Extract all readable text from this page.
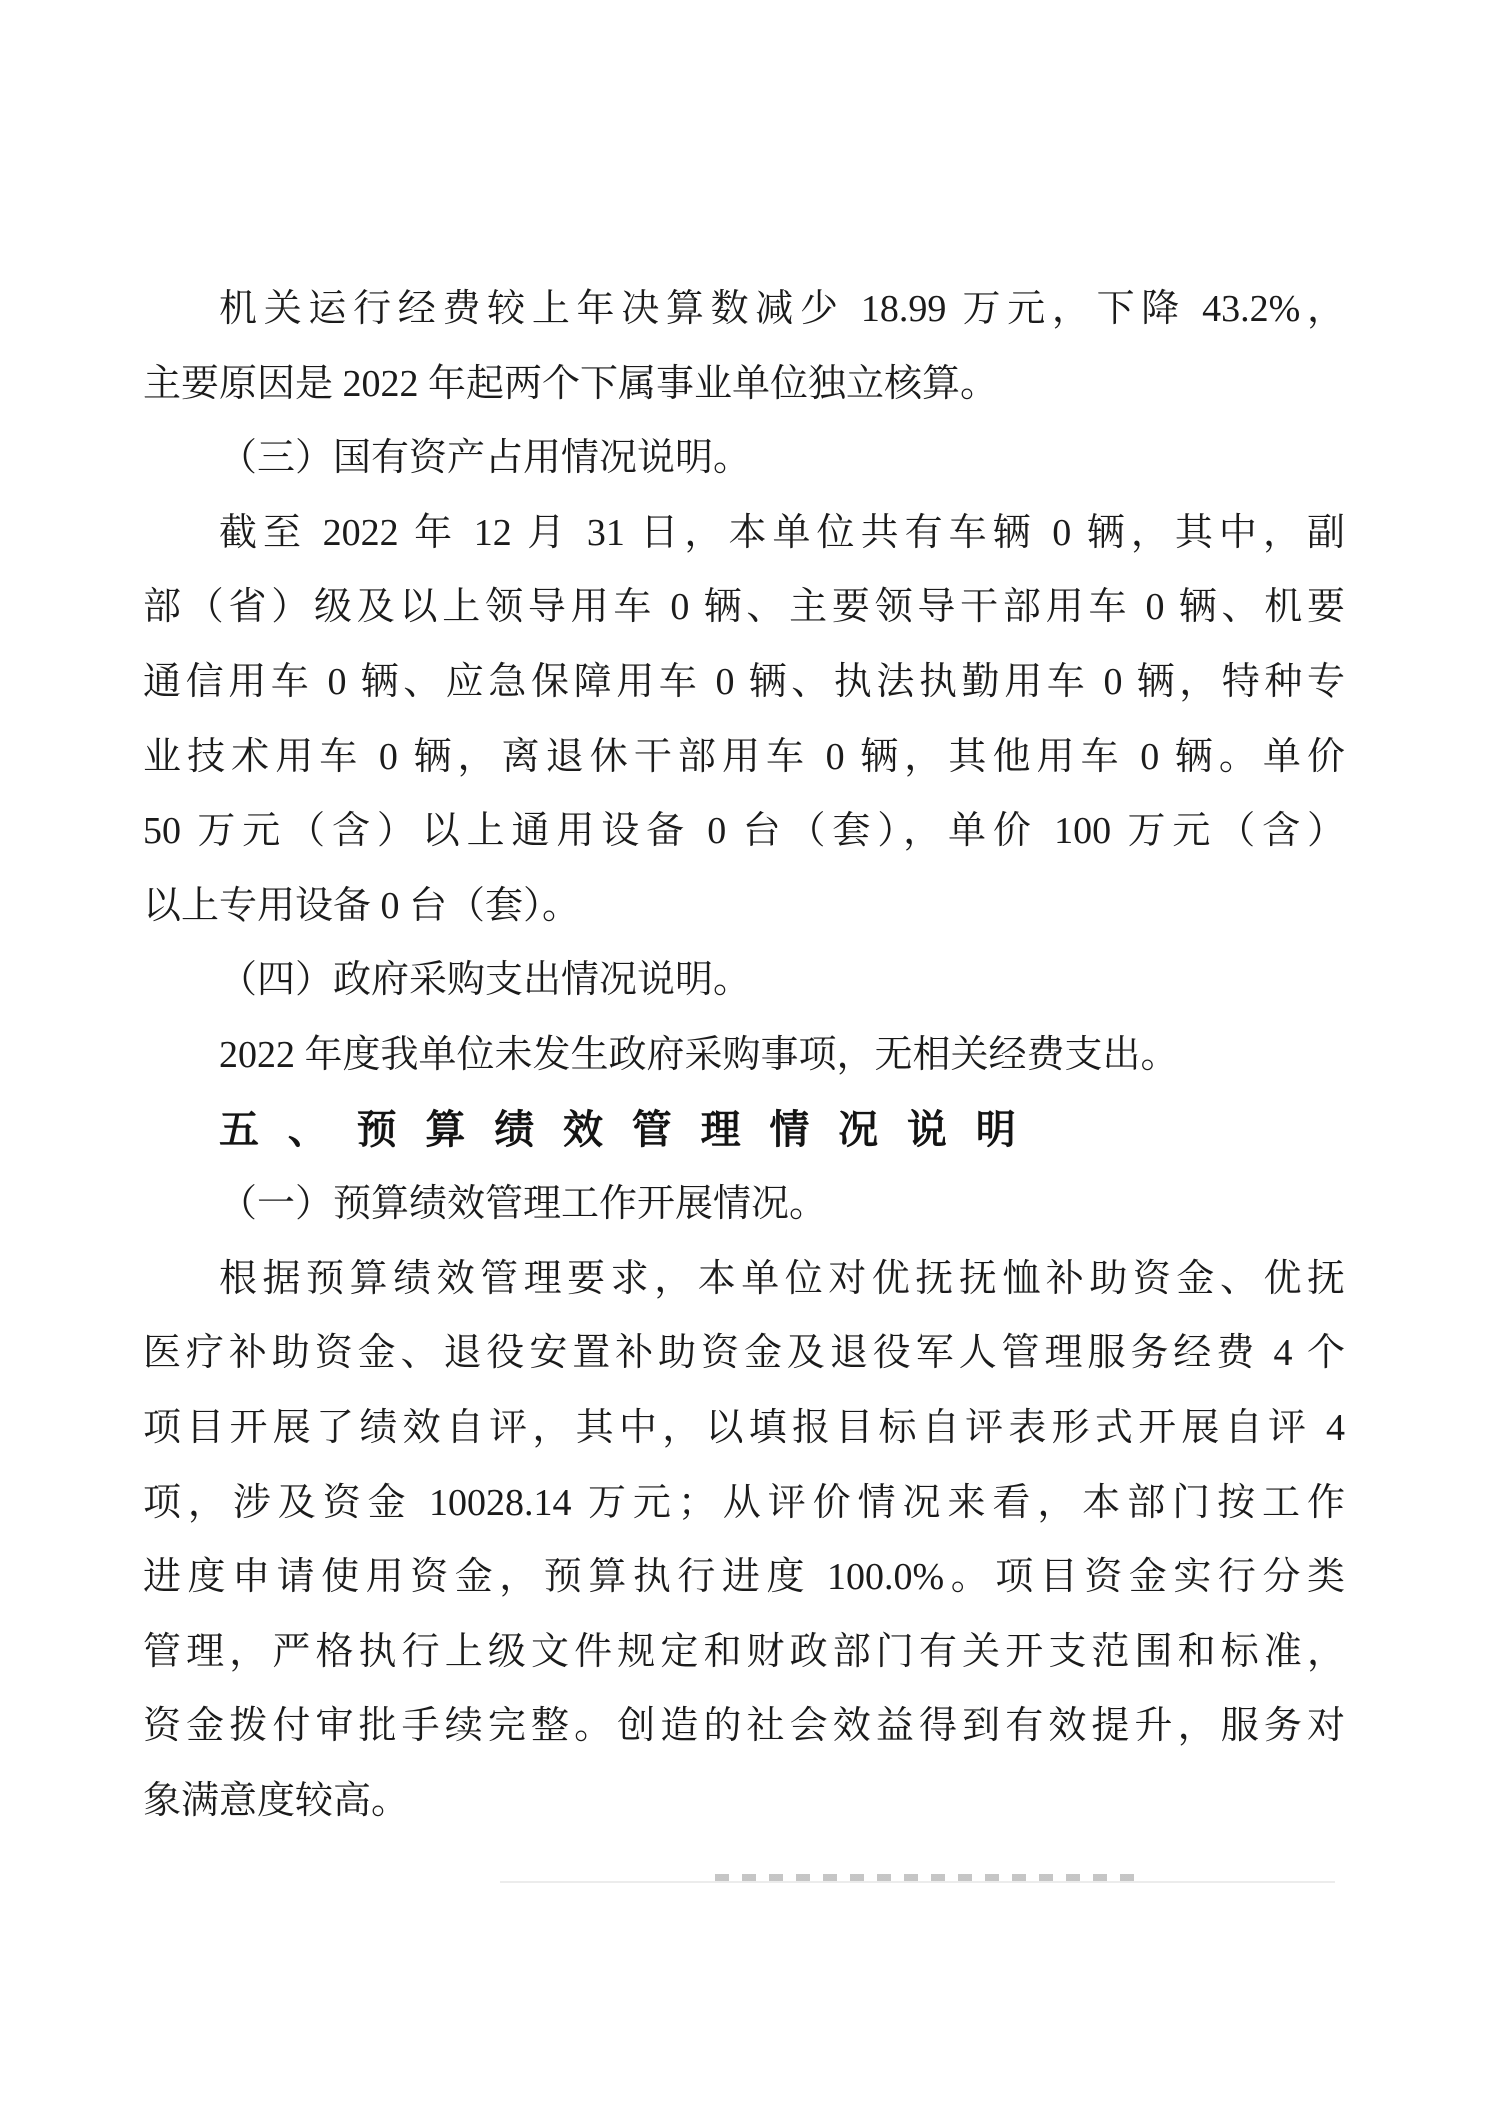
机关运行经费较上年决算数减少 18.99 万元，下降 43.2%，
主要原因是 2022 年起两个下属事业单位独立核算。
（三）国有资产占用情况说明。
截至 2022 年 12 月 31 日，本单位共有车辆 0 辆，其中，副
部（省）级及以上领导用车 0 辆、主要领导干部用车 0 辆、机要
通信用车 0 辆、应急保障用车 0 辆、执法执勤用车 0 辆，特种专
业技术用车 0 辆，离退休干部用车 0 辆，其他用车 0 辆。单价
50 万元（含）以上通用设备 0 台（套），单价 100 万元（含）
以上专用设备 0 台（套）。
（四）政府采购支出情况说明。
2022 年度我单位未发生政府采购事项，无相关经费支出。
五、预算绩效管理情况说明
（一）预算绩效管理工作开展情况。
根据预算绩效管理要求，本单位对优抚抚恤补助资金、优抚
医疗补助资金、退役安置补助资金及退役军人管理服务经费 4 个
项目开展了绩效自评，其中，以填报目标自评表形式开展自评 4
项，涉及资金 10028.14 万元；从评价情况来看，本部门按工作
进度申请使用资金，预算执行进度 100.0%。项目资金实行分类
管理，严格执行上级文件规定和财政部门有关开支范围和标准，
资金拨付审批手续完整。创造的社会效益得到有效提升，服务对
象满意度较高。
